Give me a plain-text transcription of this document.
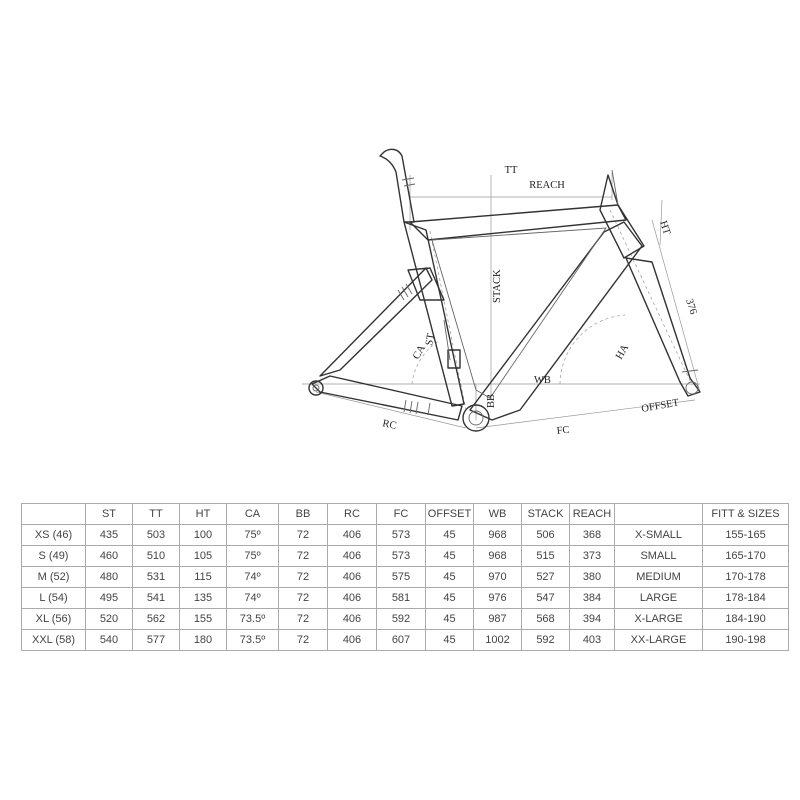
TT
REACH
HT
STACK
ST
CA	HA
376
WB
BB
RC	FC
OFFSET
	ST	TT	HT	CA	BB	RC	FC	OFFSET	WB	STACK	REACH		FITT & SIZES
XS (46)	435	503	100	75º	72	406	573	45	968	506	368	X-SMALL	155-165
S (49)	460	510	105	75º	72	406	573	45	968	515	373	SMALL	165-170
M (52)	480	531	115	74º	72	406	575	45	970	527	380	MEDIUM	170-178
L (54)	495	541	135	74º	72	406	581	45	976	547	384	LARGE	178-184
XL (56)	520	562	155	73.5º	72	406	592	45	987	568	394	X-LARGE	184-190
XXL (58)	540	577	180	73.5º	72	406	607	45	1002	592	403	XX-LARGE	190-198
